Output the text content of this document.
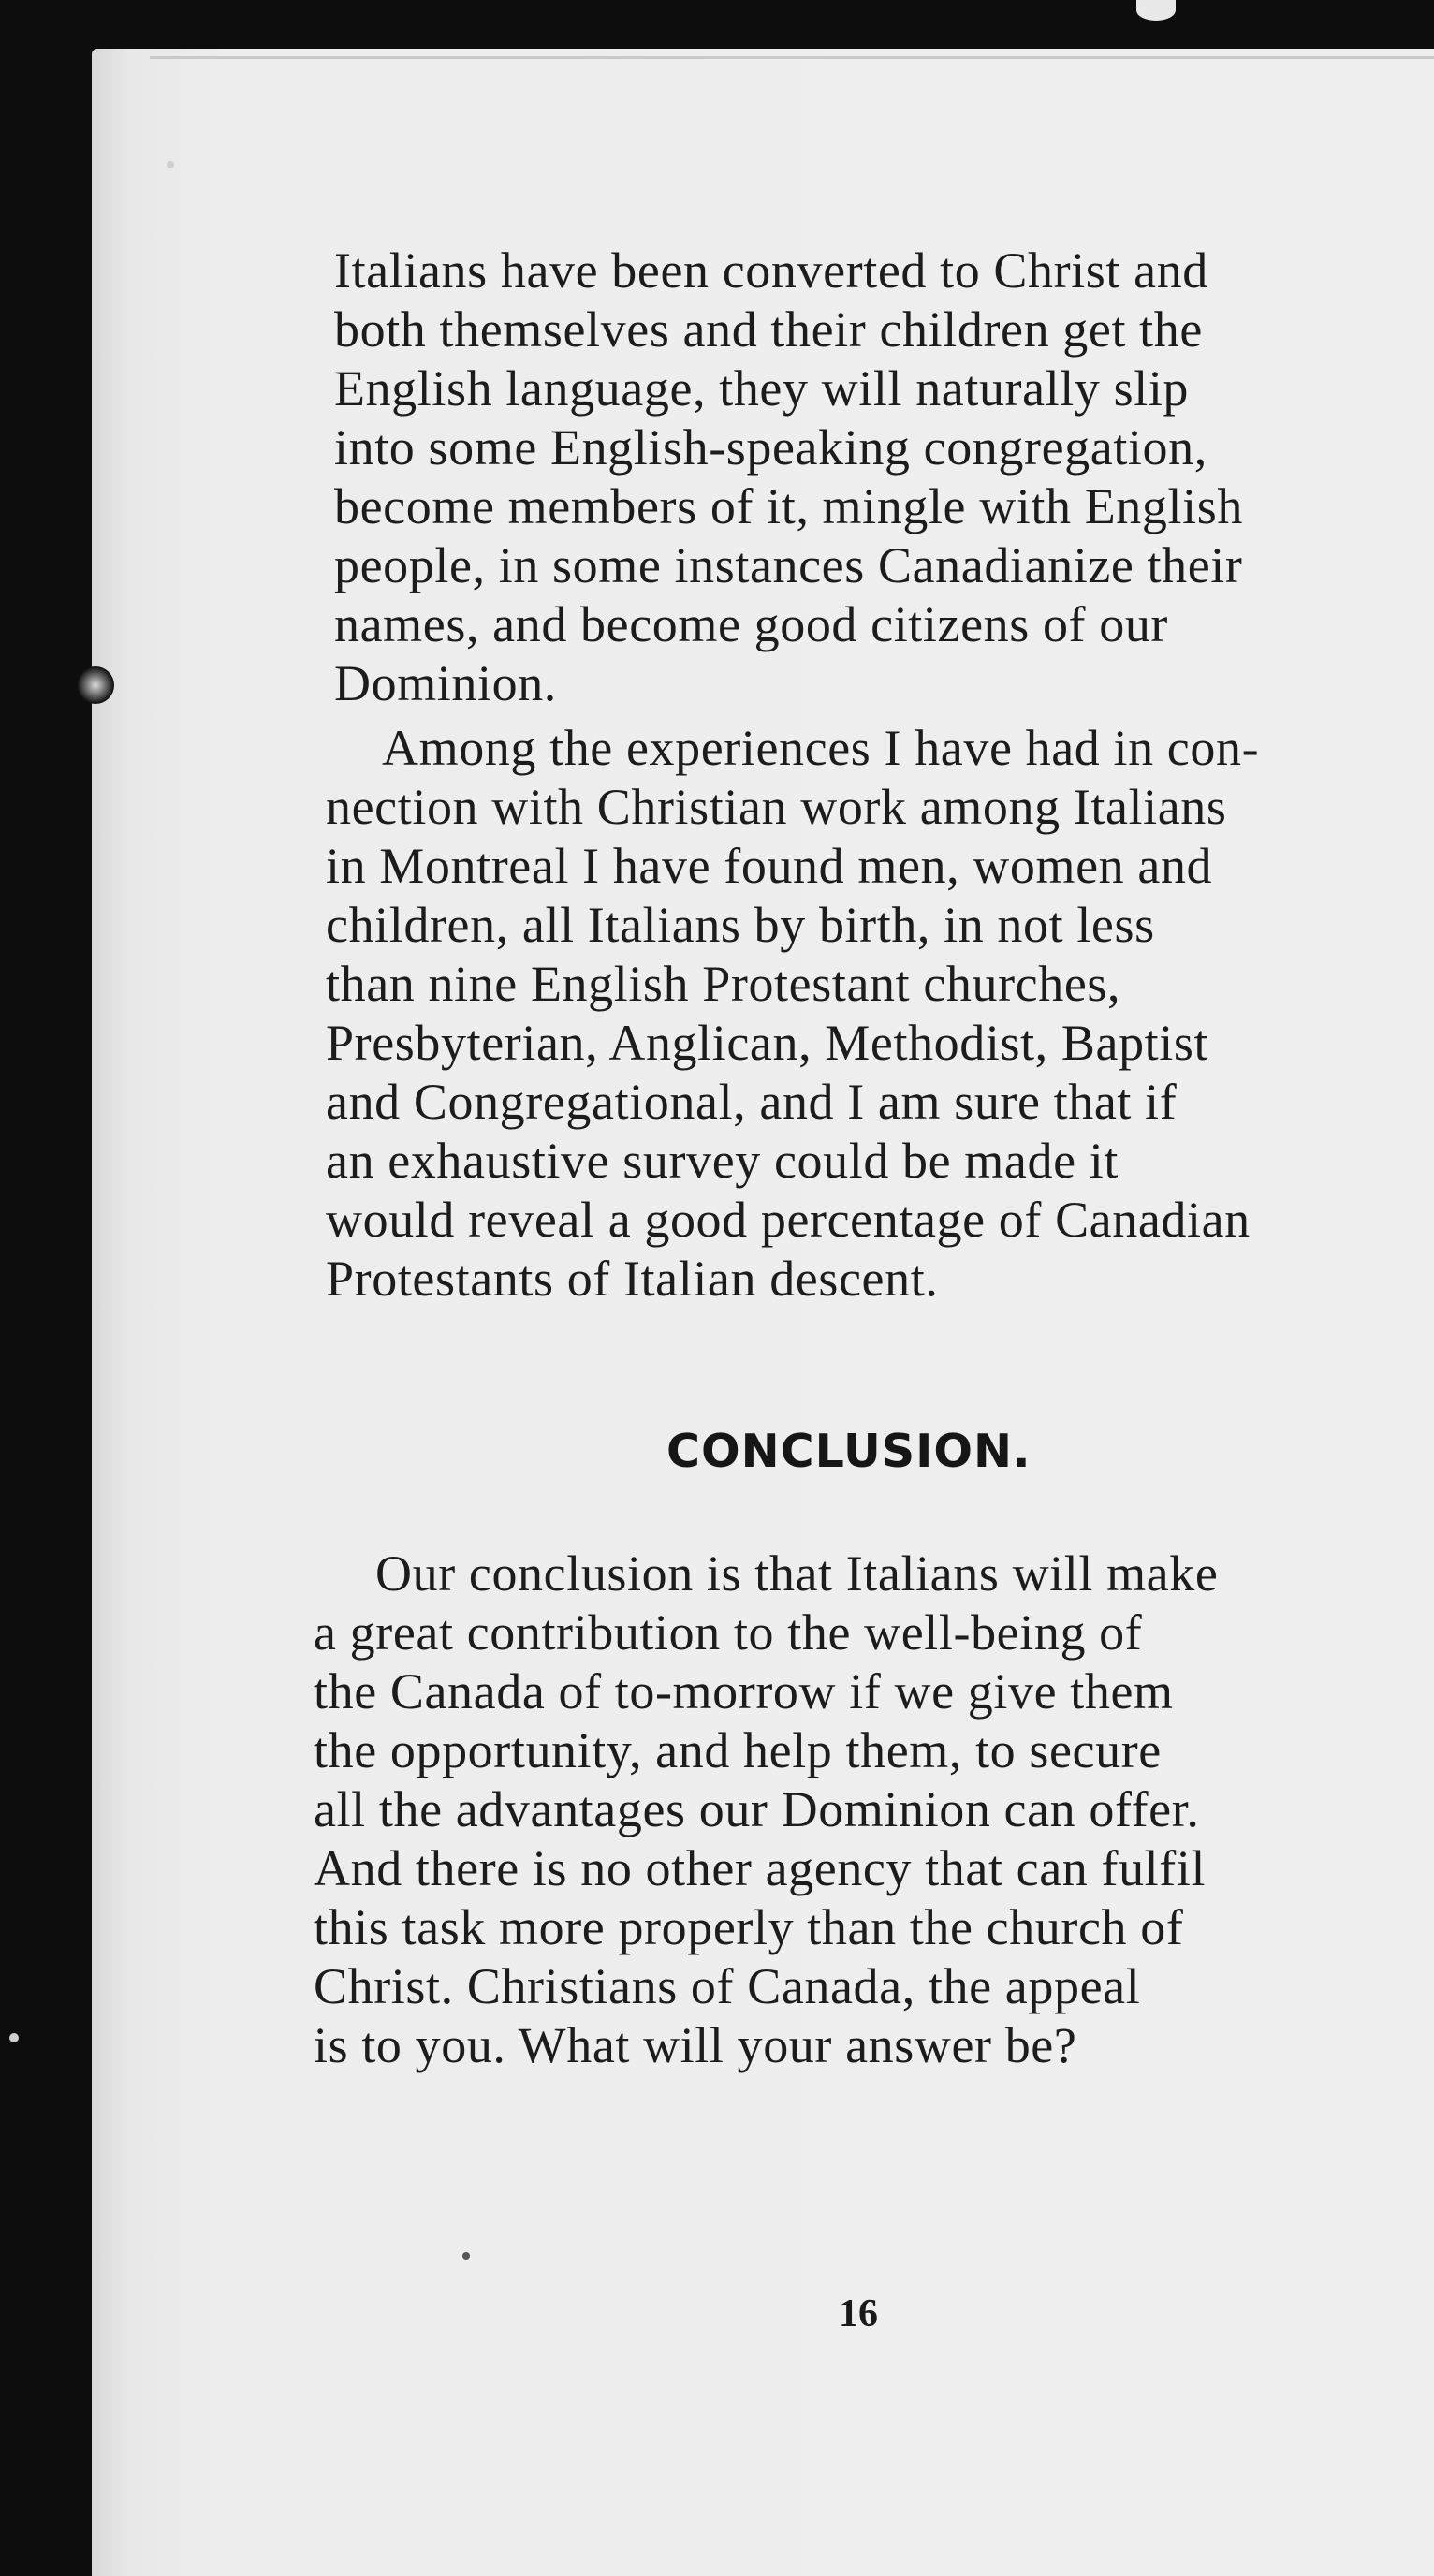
Italians have been converted to Christ and
both themselves and their children get the
English language, they will naturally slip
into some English-speaking congregation,
become members of it, mingle with English
people, in some instances Canadianize their
names, and become good citizens of our
Dominion.
Among the experiences I have had in con-
nection with Christian work among Italians
in Montreal I have found men, women and
children, all Italians by birth, in not less
than nine English Protestant churches,
Presbyterian, Anglican, Methodist, Baptist
and Congregational, and I am sure that if
an exhaustive survey could be made it
would reveal a good percentage of Canadian
Protestants of Italian descent.
CONCLUSION.
Our conclusion is that Italians will make
a great contribution to the well-being of
the Canada of to-morrow if we give them
the opportunity, and help them, to secure
all the advantages our Dominion can offer.
And there is no other agency that can fulfil
this task more properly than the church of
Christ. Christians of Canada, the appeal
is to you. What will your answer be?
16
